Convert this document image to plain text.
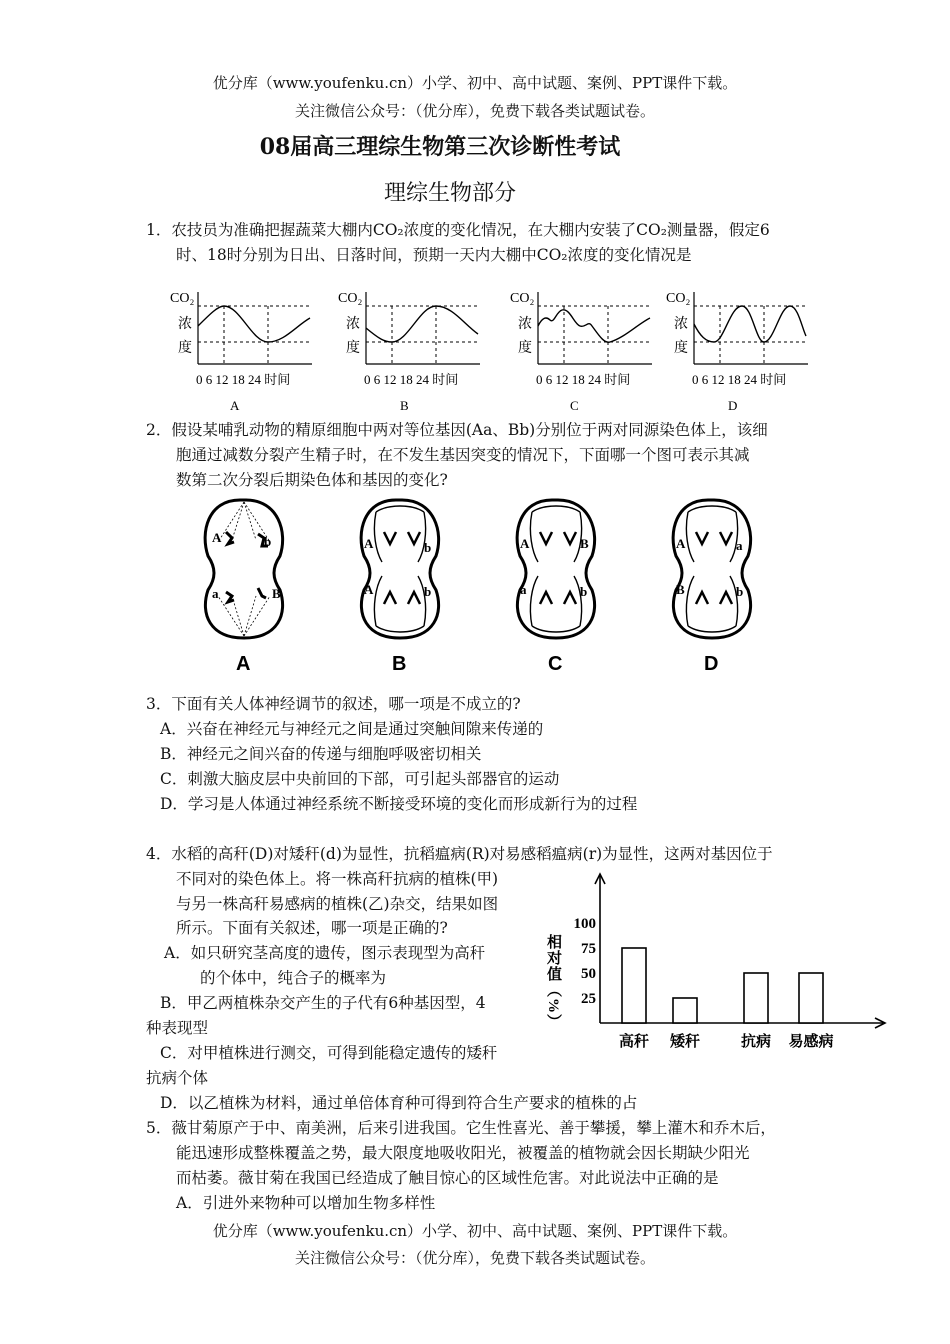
优分库（www.youfenku.cn）小学、初中、高中试题、案例、PPT课件下载。
关注微信公众号：（优分库），免费下载各类试题试卷。
08届高三理综生物第三次诊断性考试
理综生物部分
1．农技员为准确把握蔬菜大棚内CO₂浓度的变化情况，在大棚内安装了CO₂测量器，假定6
时、18时分别为日出、日落时间，预期一天内大棚中CO₂浓度的变化情况是
CO₂
浓
度
0 6 12 18 24 时间
A
CO₂
浓
度
0 6 12 18 24 时间
B
CO₂
浓
度
0 6 12 18 24 时间
C
CO₂
浓
度
0 6 12 18 24 时间
D
2．假设某哺乳动物的精原细胞中两对等位基因(Aa、Bb)分别位于两对同源染色体上，该细
胞通过减数分裂产生精子时，在不发生基因突变的情况下，下面哪一个图可表示其减
数第二次分裂后期染色体和基因的变化?
A	b
a	B
A
A	b
A	b
B
A	B
a	b
C
A	a
B	b
D
3．下面有关人体神经调节的叙述，哪一项是不成立的?
A．兴奋在神经元与神经元之间是通过突触间隙来传递的
B．神经元之间兴奋的传递与细胞呼吸密切相关
C．刺激大脑皮层中央前回的下部，可引起头部器官的运动
D．学习是人体通过神经系统不断接受环境的变化而形成新行为的过程
4．水稻的高秆(D)对矮秆(d)为显性，抗稻瘟病(R)对易感稻瘟病(r)为显性，这两对基因位于
不同对的染色体上。将一株高秆抗病的植株(甲)
与另一株高秆易感病的植株(乙)杂交，结果如图
所示。下面有关叙述，哪一项是正确的?
A．如只研究茎高度的遗传，图示表现型为高秆
的个体中，纯合子的概率为
B．甲乙两植株杂交产生的子代有6种基因型，4
种表现型
C．对甲植株进行测交，可得到能稳定遗传的矮秆
抗病个体
D．以乙植株为材料，通过单倍体育种可得到符合生产要求的植株的占
相对值（%）
100
75
50
25
高秆 矮秆	抗病 易感病
5．薇甘菊原产于中、南美洲，后来引进我国。它生性喜光、善于攀援，攀上灌木和乔木后，
能迅速形成整株覆盖之势，最大限度地吸收阳光，被覆盖的植物就会因长期缺少阳光
而枯萎。薇甘菊在我国已经造成了触目惊心的区域性危害。对此说法中正确的是
A．引进外来物种可以增加生物多样性
优分库（www.youfenku.cn）小学、初中、高中试题、案例、PPT课件下载。
关注微信公众号：（优分库），免费下载各类试题试卷。
